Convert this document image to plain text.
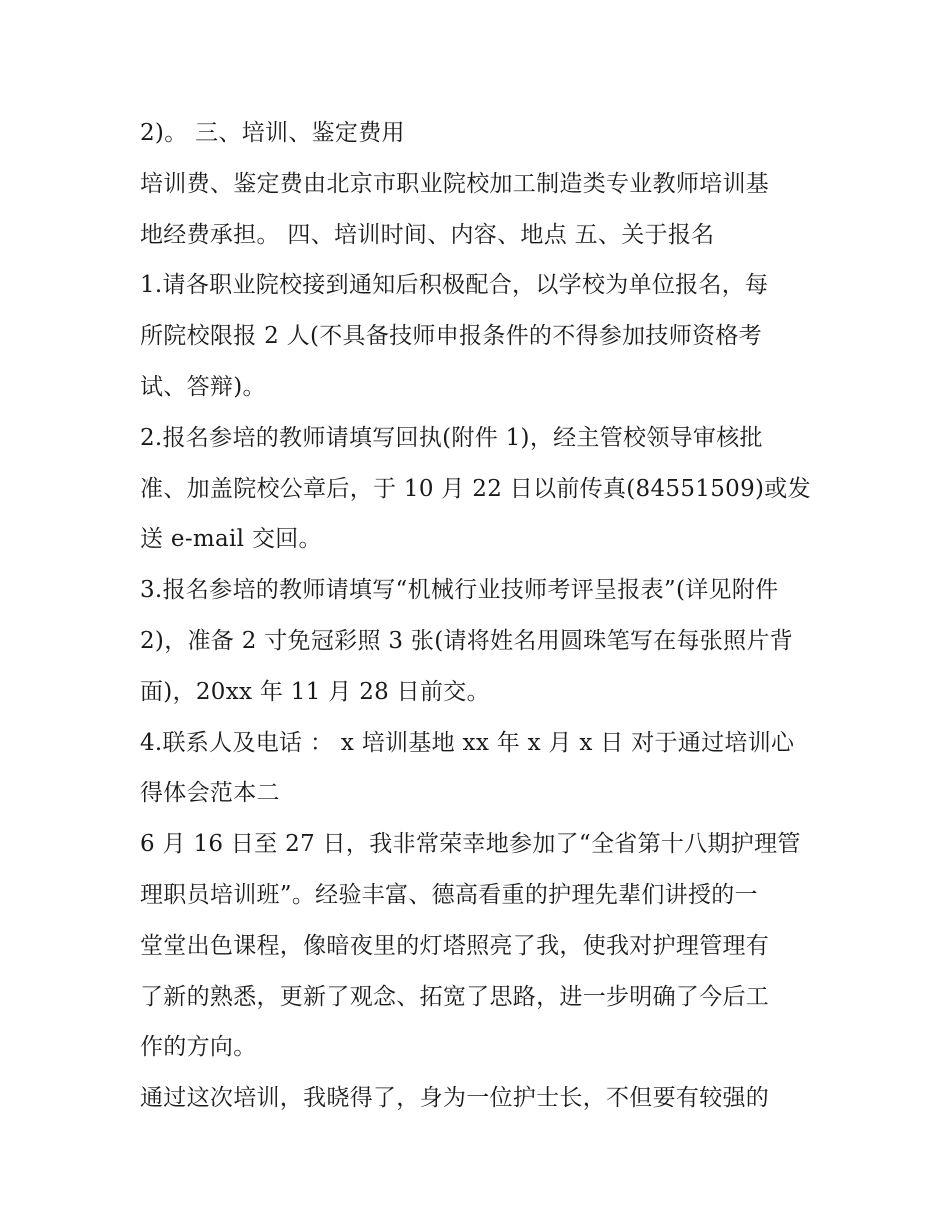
2)。 三、培训、鉴定费用
培训费、鉴定费由北京市职业院校加工制造类专业教师培训基
地经费承担。 四、培训时间、内容、地点 五、关于报名
1.请各职业院校接到通知后积极配合，以学校为单位报名，每
所院校限报 2 人(不具备技师申报条件的不得参加技师资格考
试、答辩)。
2.报名参培的教师请填写回执(附件 1)，经主管校领导审核批
准、加盖院校公章后，于 10 月 22 日以前传真(84551509)或发
送 e-mail 交回。
3.报名参培的教师请填写“机械行业技师考评呈报表”(详见附件
2)，准备 2 寸免冠彩照 3 张(请将姓名用圆珠笔写在每张照片背
面)，20xx 年 11 月 28 日前交。
4.联系人及电话 ： x 培训基地 xx 年 x 月 x 日 对于通过培训心
得体会范本二
6 月 16 日至 27 日，我非常荣幸地参加了“全省第十八期护理管
理职员培训班”。经验丰富、德高看重的护理先辈们讲授的一
堂堂出色课程，像暗夜里的灯塔照亮了我，使我对护理管理有
了新的熟悉，更新了观念、拓宽了思路，进一步明确了今后工
作的方向。
通过这次培训，我晓得了，身为一位护士长，不但要有较强的
